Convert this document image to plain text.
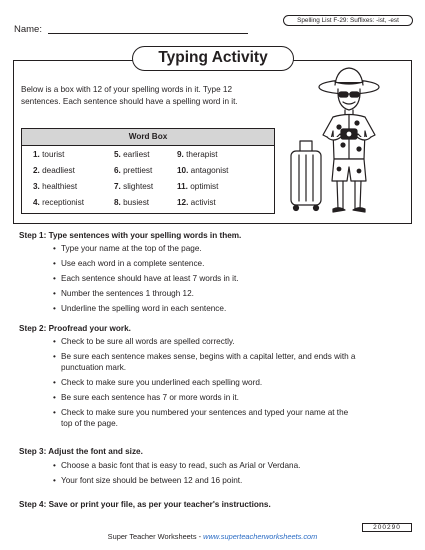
Name:
Spelling List F-29: Suffixes: -ist, -est
Typing Activity
Below is a box with 12 of your spelling words in it. Type 12 sentences. Each sentence should have a spelling word in it.
Word Box
1. tourist
2. deadliest
3. healthiest
4. receptionist
5. earliest
6. prettiest
7. slightest
8. busiest
9. therapist
10. antagonist
11. optimist
12. activist
Step 1: Type sentences with your spelling words in them.
• Type your name at the top of the page.
• Use each word in a complete sentence.
• Each sentence should have at least 7 words in it.
• Number the sentences 1 through 12.
• Underline the spelling word in each sentence.
Step 2: Proofread your work.
• Check to be sure all words are spelled correctly.
• Be sure each sentence makes sense, begins with a capital letter, and ends with a punctuation mark.
• Check to make sure you underlined each spelling word.
• Be sure each sentence has 7 or more words in it.
• Check to make sure you numbered your sentences and typed your name at the top of the page.
Step 3: Adjust the font and size.
• Choose a basic font that is easy to read, such as Arial or Verdana.
• Your font size should be between 12 and 16 point.
Step 4: Save or print your file, as per your teacher's instructions.
200290
Super Teacher Worksheets - www.superteacherworksheets.com
